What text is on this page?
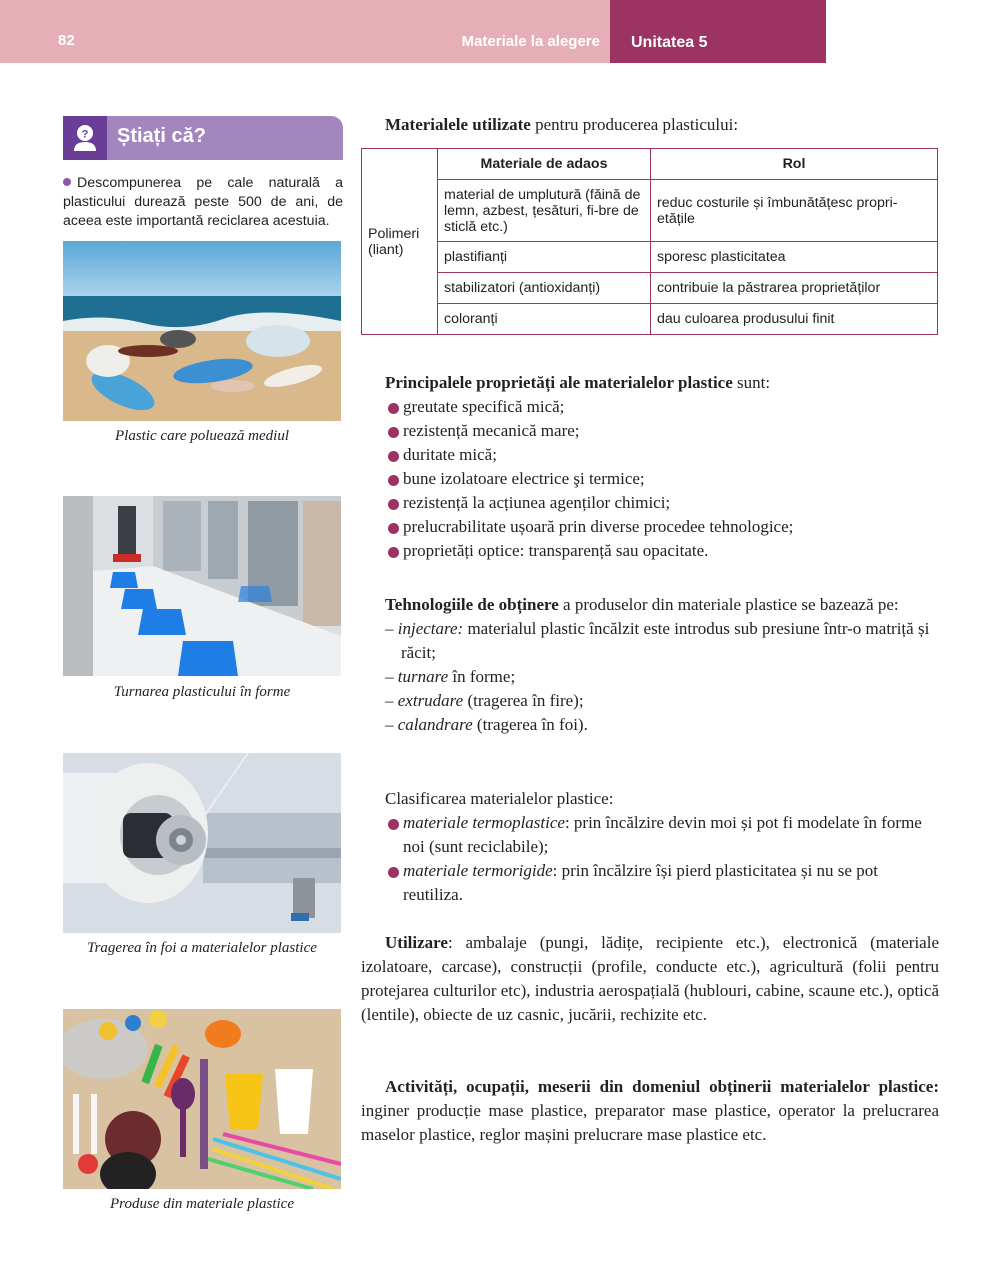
82	Materiale la alegere Unitatea 5
? Știați că?
Descompunerea pe cale naturală a plasticului durează peste 500 de ani, de aceea este importantă reciclarea acestuia.
Plastic care poluează mediul
Turnarea plasticului în forme
Tragerea în foi a materialelor plastice
Produse din materiale plastice
Materialele utilizate pentru producerea plasticului:
Polimeri (liant)	Materiale de adaos	Rol
	material de umplutură (făină de lemn, azbest, țesături, fi-bre de sticlă etc.)	reduc costurile și îmbunătățesc propri-etățile
	plastifianți	sporesc plasticitatea
	stabilizatori (antioxidanți)	contribuie la păstrarea proprietăților
	coloranți	dau culoarea produsului finit
Principalele proprietăți ale materialelor plastice sunt:
greutate specifică mică;
rezistență mecanică mare;
duritate mică;
bune izolatoare electrice şi termice;
rezistență la acțiunea agenților chimici;
prelucrabilitate ușoară prin diverse procedee tehnologice;
proprietăți optice: transparență sau opacitate.
Tehnologiile de obținere a produselor din materiale plastice se bazează pe:
– injectare: materialul plastic încălzit este introdus sub presiune într-o matriță și răcit;
– turnare în forme;
– extrudare (tragerea în fire);
– calandrare (tragerea în foi).
Clasificarea materialelor plastice:
materiale termoplastice: prin încălzire devin moi și pot fi modelate în forme noi (sunt reciclabile);
materiale termorigide: prin încălzire își pierd plasticitatea și nu se pot reutiliza.
Utilizare: ambalaje (pungi, lădițe, recipiente etc.), electronică (materiale izolatoare, carcase), construcții (profile, conducte etc.), agricultură (folii pentru protejarea culturilor etc), industria aerospațială (hublouri, cabine, scaune etc.), optică (lentile), obiecte de uz casnic, jucării, rechizite etc.
Activități, ocupații, meserii din domeniul obținerii materialelor plastice: inginer producție mase plastice, preparator mase plastice, operator la prelucrarea maselor plastice, reglor mașini prelucrare mase plastice etc.
